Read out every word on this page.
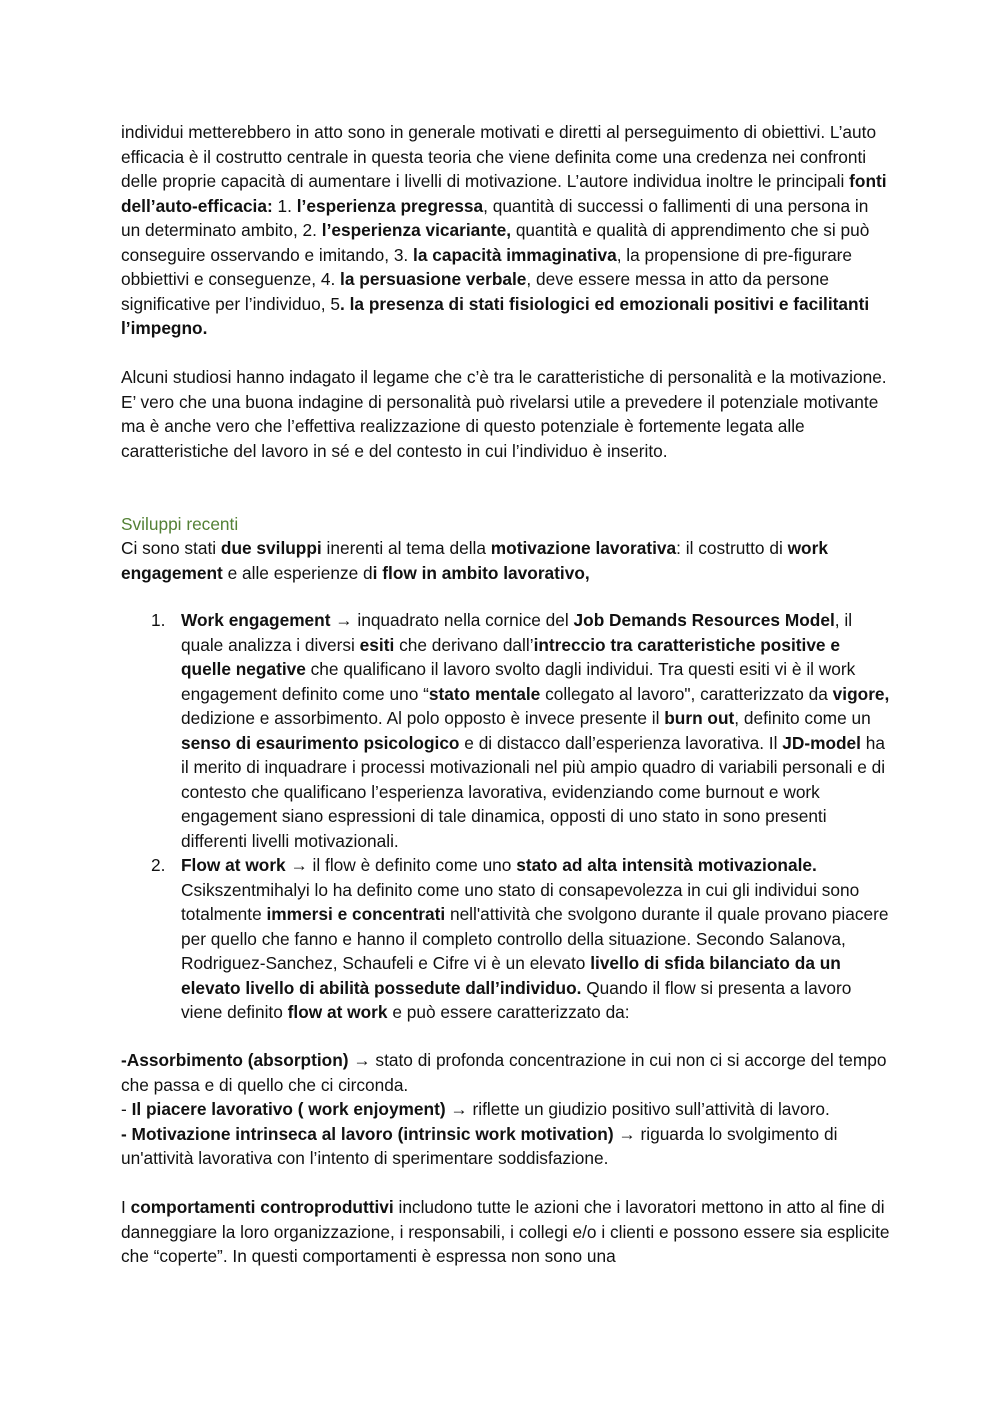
individui metterebbero in atto sono in generale motivati e diretti al perseguimento di obiettivi. L’auto efficacia è il costrutto centrale in questa teoria che viene definita come una credenza nei confronti delle proprie capacità di aumentare i livelli di motivazione. L’autore individua inoltre le principali fonti dell’auto-efficacia: 1. l’esperienza pregressa, quantità di successi o fallimenti di una persona in un determinato ambito, 2. l’esperienza vicariante, quantità e qualità di apprendimento che si può conseguire osservando e imitando, 3. la capacità immaginativa, la propensione di pre-figurare obbiettivi e conseguenze, 4. la persuasione verbale, deve essere messa in atto da persone significative per l’individuo, 5. la presenza di stati fisiologici ed emozionali positivi e facilitanti l’impegno.

Alcuni studiosi hanno indagato il legame che c’è tra le caratteristiche di personalità e la motivazione. E’ vero che una buona indagine di personalità può rivelarsi utile a prevedere il potenziale motivante ma è anche vero che l’effettiva realizzazione di questo potenziale è fortemente legata alle caratteristiche del lavoro in sé e del contesto in cui l’individuo è inserito.

Sviluppi recenti

Ci sono stati due sviluppi inerenti al tema della motivazione lavorativa: il costrutto di work engagement e alle esperienze di flow in ambito lavorativo,

1. Work engagement → inquadrato nella cornice del Job Demands Resources Model, il quale analizza i diversi esiti che derivano dall’intreccio tra caratteristiche positive e quelle negative che qualificano il lavoro svolto dagli individui. Tra questi esiti vi è il work engagement definito come uno “stato mentale collegato al lavoro", caratterizzato da vigore, dedizione e assorbimento. Al polo opposto è invece presente il burn out, definito come un senso di esaurimento psicologico e di distacco dall’esperienza lavorativa. Il JD-model ha il merito di inquadrare i processi motivazionali nel più ampio quadro di variabili personali e di contesto che qualificano l’esperienza lavorativa, evidenziando come burnout e work engagement siano espressioni di tale dinamica, opposti di uno stato in sono presenti differenti livelli motivazionali.
2. Flow at work → il flow è definito come uno stato ad alta intensità motivazionale. Csikszentmihalyi lo ha definito come uno stato di consapevolezza in cui gli individui sono totalmente immersi e concentrati nell'attività che svolgono durante il quale provano piacere per quello che fanno e hanno il completo controllo della situazione. Secondo Salanova, Rodriguez-Sanchez, Schaufeli e Cifre vi è un elevato livello di sfida bilanciato da un elevato livello di abilità possedute dall’individuo. Quando il flow si presenta a lavoro viene definito flow at work e può essere caratterizzato da:

-Assorbimento (absorption) → stato di profonda concentrazione in cui non ci si accorge del tempo che passa e di quello che ci circonda.
- Il piacere lavorativo ( work enjoyment) → riflette un giudizio positivo sull’attività di lavoro.
- Motivazione intrinseca al lavoro (intrinsic work motivation) → riguarda lo svolgimento di un'attività lavorativa con l’intento di sperimentare soddisfazione.

I comportamenti controproduttivi includono tutte le azioni che i lavoratori mettono in atto al fine di danneggiare la loro organizzazione, i responsabili, i collegi e/o i clienti e possono essere sia esplicite che “coperte”. In questi comportamenti è espressa non sono una
